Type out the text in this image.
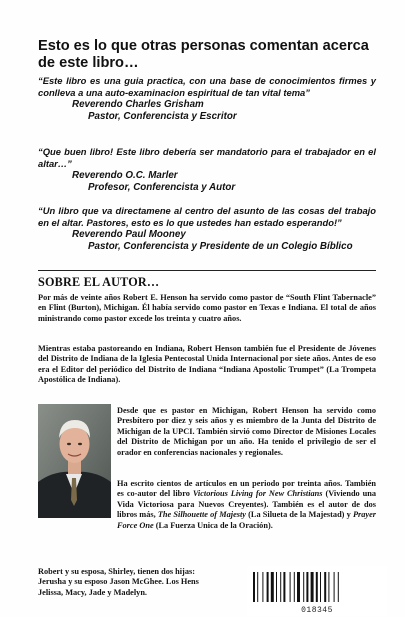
Esto es lo que otras personas comentan acerca de este libro…
“Este libro es una guia practica, con una base de conocimientos firmes y conlleva a una auto-examinacion espiritual de tan vital tema”
Reverendo Charles Grisham
Pastor, Conferencista y Escritor
“Que buen libro! Este libro debería ser mandatorio para el trabajador en el altar…”
Reverendo O.C. Marler
Profesor, Conferencista y Autor
“Un libro que va directamene al centro del asunto de las cosas del trabajo en el altar. Pastores, esto es lo que ustedes han estado esperando!”
Reverendo Paul Mooney
Pastor, Conferencista y Presidente de un Colegio Bíblico
SOBRE EL AUTOR…
Por más de veinte años Robert E. Henson ha servido como pastor de “South Flint Tabernacle” en Flint (Burton), Michigan. Él había servido como pastor en Texas e Indiana. El total de años ministrando como pastor excede los treinta y cuatro años.
Mientras estaba pastoreando en Indiana, Robert Henson también fue el Presidente de Jóvenes del Distrito de Indiana de la Iglesia Pentecostal Unida Internacional por siete años. Antes de eso era el Editor del periódico del Distrito de Indiana “Indiana Apostolic Trumpet” (La Trompeta Apostólica de Indiana).
Desde que es pastor en Michigan, Robert Henson ha servido como Presbítero por diez y seis años y es miembro de la Junta del Distrito de Michigan de la UPCI. También sirvió como Director de Misiones Locales del Distrito de Michigan por un año. Ha tenido el privilegio de ser el orador en conferencias nacionales y regionales.
Ha escrito cientos de artículos en un periodo por treinta años. También es co-autor del libro Victorious Living for New Christians (Viviendo una Vida Victoriosa para Nuevos Creyentes). También es el autor de dos libros más, The Silhouette of Majesty (La Silueta de la Majestad) y Prayer Force One (La Fuerza Unica de la Oración).
Robert y su esposa, Shirley, tienen dos hijas:
Jerusha y su esposo Jason McGhee. Los Hens
Jelissa, Macy, Jade y Madelyn.
018345
